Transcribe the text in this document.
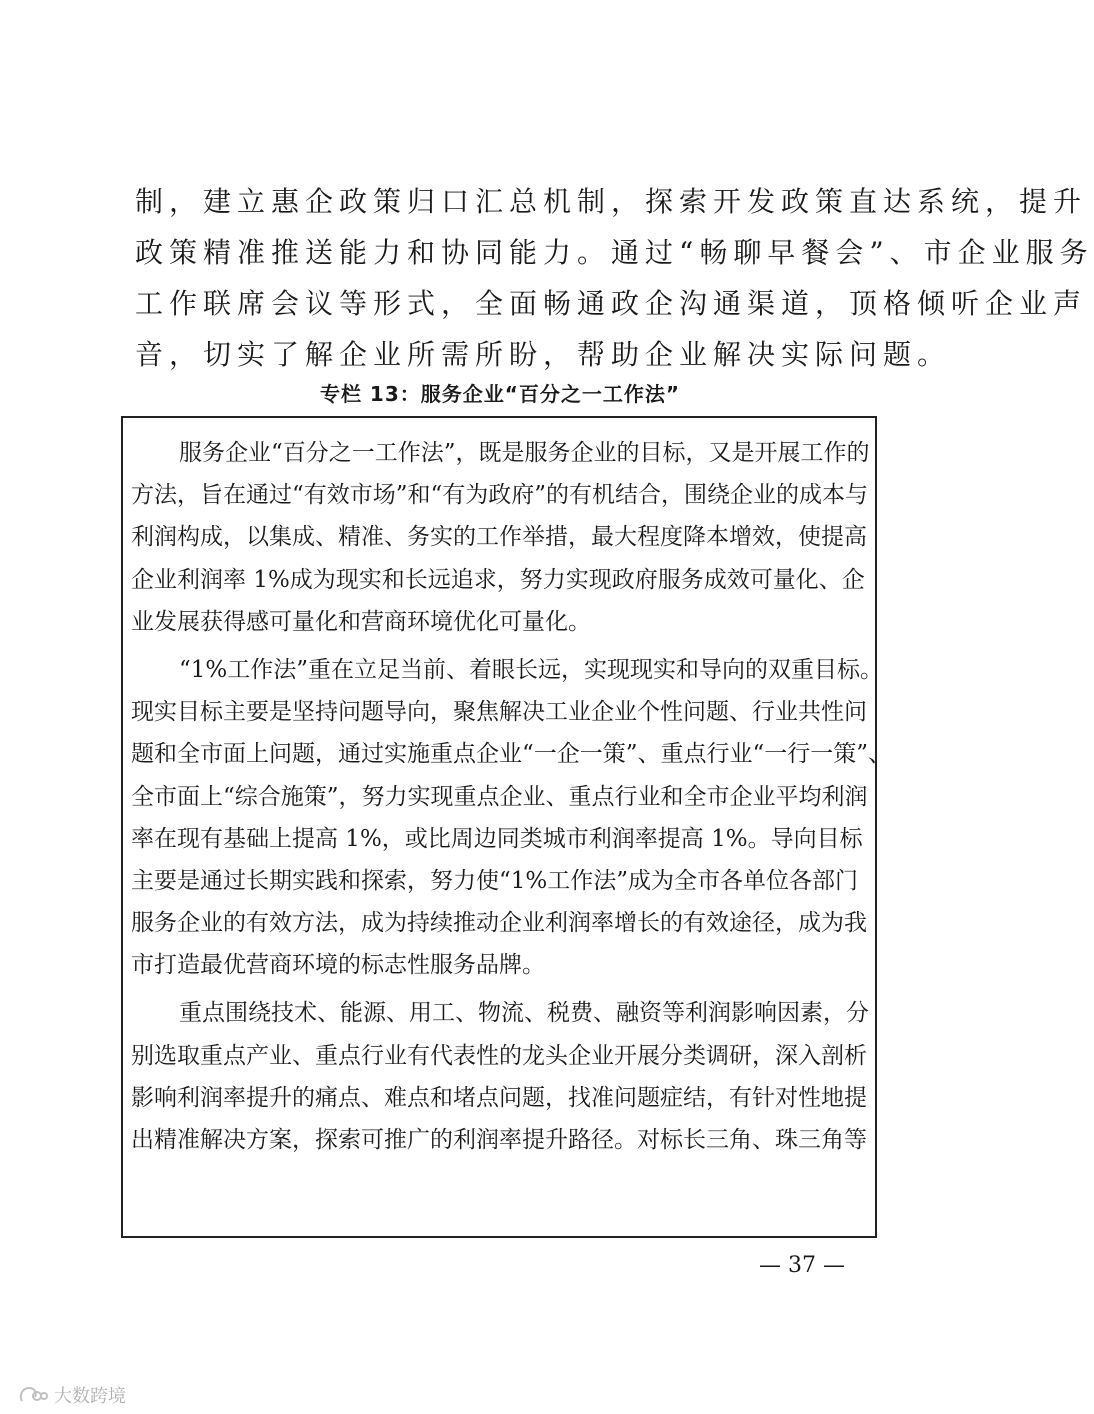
制，建立惠企政策归口汇总机制，探索开发政策直达系统，提升
政策精准推送能力和协同能力。通过“畅聊早餐会”、市企业服务
工作联席会议等形式，全面畅通政企沟通渠道，顶格倾听企业声
音，切实了解企业所需所盼，帮助企业解决实际问题。
专栏 13：服务企业“百分之一工作法”
服务企业“百分之一工作法”，既是服务企业的目标，又是开展工作的
方法，旨在通过“有效市场”和“有为政府”的有机结合，围绕企业的成本与
利润构成，以集成、精准、务实的工作举措，最大程度降本增效，使提高
企业利润率 1%成为现实和长远追求，努力实现政府服务成效可量化、企
业发展获得感可量化和营商环境优化可量化。
“1%工作法”重在立足当前、着眼长远，实现现实和导向的双重目标。
现实目标主要是坚持问题导向，聚焦解决工业企业个性问题、行业共性问
题和全市面上问题，通过实施重点企业“一企一策”、重点行业“一行一策”、
全市面上“综合施策”，努力实现重点企业、重点行业和全市企业平均利润
率在现有基础上提高 1%，或比周边同类城市利润率提高 1%。导向目标
主要是通过长期实践和探索，努力使“1%工作法”成为全市各单位各部门
服务企业的有效方法，成为持续推动企业利润率增长的有效途径，成为我
市打造最优营商环境的标志性服务品牌。
重点围绕技术、能源、用工、物流、税费、融资等利润影响因素，分
别选取重点产业、重点行业有代表性的龙头企业开展分类调研，深入剖析
影响利润率提升的痛点、难点和堵点问题，找准问题症结，有针对性地提
出精准解决方案，探索可推广的利润率提升路径。对标长三角、珠三角等
— 37 —
大数跨境
